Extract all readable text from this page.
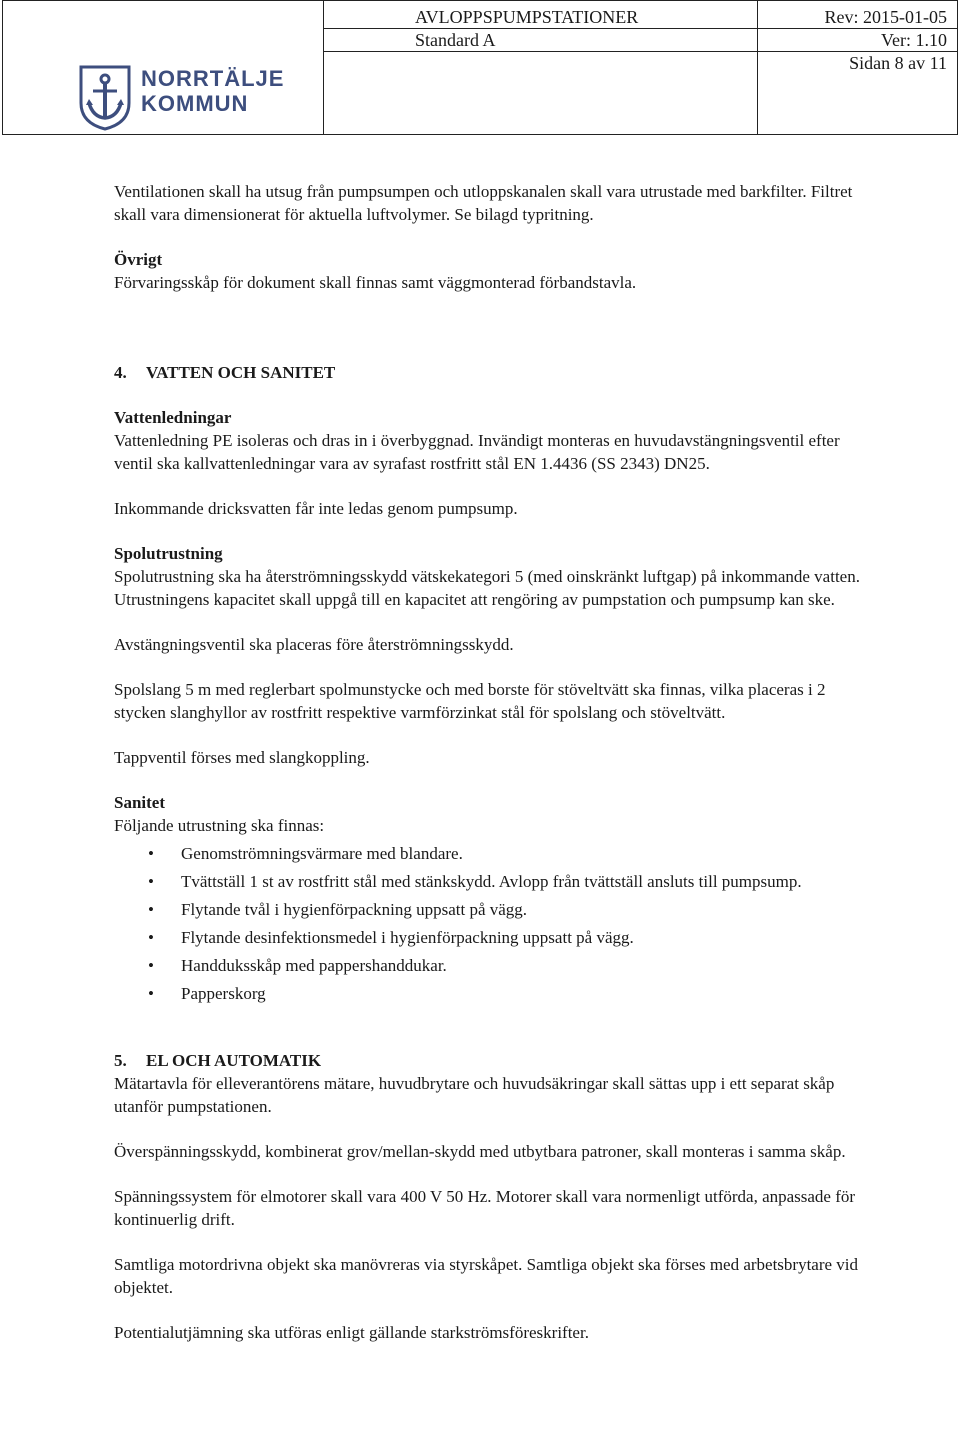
NORRTÄLJE
KOMMUN
AVLOPPSPUMPSTATIONER
Standard A
Rev: 2015-01-05
Ver: 1.10
Sidan 8 av 11

Ventilationen skall ha utsug från pumpsumpen och utloppskanalen skall vara utrustade med barkfilter. Filtret skall vara dimensionerat för aktuella luftvolymer. Se bilagd typritning.

Övrigt

Förvaringsskåp för dokument skall finnas samt väggmonterad förbandstavla.

4. VATTEN OCH SANITET

Vattenledningar

Vattenledning PE isoleras och dras in i överbyggnad. Invändigt monteras en huvudavstängningsventil efter ventil ska kallvattenledningar vara av syrafast rostfritt stål EN 1.4436 (SS 2343) DN25.

Inkommande dricksvatten får inte ledas genom pumpsump.

Spolutrustning

Spolutrustning ska ha återströmningsskydd vätskekategori 5 (med oinskränkt luftgap) på inkommande vatten. Utrustningens kapacitet skall uppgå till en kapacitet att rengöring av pumpstation och pumpsump kan ske.

Avstängningsventil ska placeras före återströmningsskydd.

Spolslang 5 m med reglerbart spolmunstycke och med borste för stöveltvätt ska finnas, vilka placeras i 2 stycken slanghyllor av rostfritt respektive varmförzinkat stål för spolslang och stöveltvätt.

Tappventil förses med slangkoppling.

Sanitet

Följande utrustning ska finnas:

• Genomströmningsvärmare med blandare.
• Tvättställ 1 st av rostfritt stål med stänkskydd. Avlopp från tvättställ ansluts till pumpsump.
• Flytande tvål i hygienförpackning uppsatt på vägg.
• Flytande desinfektionsmedel i hygienförpackning uppsatt på vägg.
• Handduksskåp med pappershanddukar.
• Papperskorg

5. EL OCH AUTOMATIK

Mätartavla för elleverantörens mätare, huvudbrytare och huvudsäkringar skall sättas upp i ett separat skåp utanför pumpstationen.

Överspänningsskydd, kombinerat grov/mellan-skydd med utbytbara patroner, skall monteras i samma skåp.

Spänningssystem för elmotorer skall vara 400 V 50 Hz. Motorer skall vara normenligt utförda, anpassade för kontinuerlig drift.

Samtliga motordrivna objekt ska manövreras via styrskåpet. Samtliga objekt ska förses med arbetsbrytare vid objektet.

Potentialutjämning ska utföras enligt gällande starkströmsföreskrifter.
